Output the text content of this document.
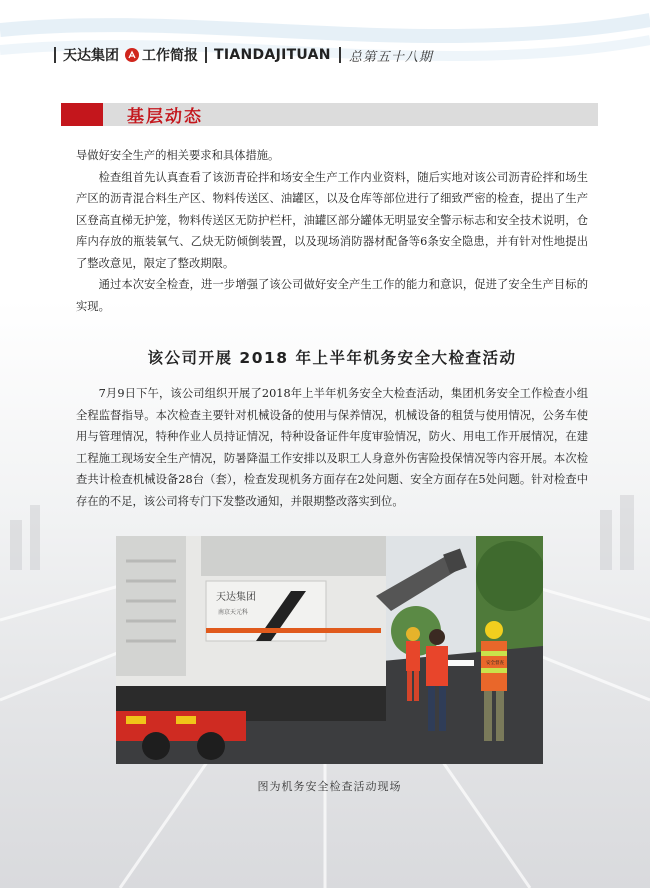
天达集团 工作简报 TIANDAJITUAN 总第五十八期
基层动态

导做好安全生产的相关要求和具体措施。

检查组首先认真查看了该沥青砼拌和场安全生产工作内业资料，随后实地对该公司沥青砼拌和场生产区的沥青混合料生产区、物料传送区、油罐区，以及仓库等部位进行了细致严密的检查，提出了生产区登高直梯无护笼，物料传送区无防护栏杆，油罐区部分罐体无明显安全警示标志和安全技术说明，仓库内存放的瓶装氧气、乙炔无防倾倒装置，以及现场消防器材配备等6条安全隐患，并有针对性地提出了整改意见，限定了整改期限。

通过本次安全检查，进一步增强了该公司做好安全产生工作的能力和意识，促进了安全生产目标的实现。

该公司开展 2018 年上半年机务安全大检查活动

7月9日下午，该公司组织开展了2018年上半年机务安全大检查活动，集团机务安全工作检查小组全程监督指导。本次检查主要针对机械设备的使用与保养情况，机械设备的租赁与使用情况，公务车使用与管理情况，特种作业人员持证情况，特种设备证件年度审验情况，防火、用电工作开展情况，在建工程施工现场安全生产情况，防暑降温工作安排以及职工人身意外伤害险投保情况等内容开展。本次检查共计检查机械设备28台（套），检查发现机务方面存在2处问题、安全方面存在5处问题。针对检查中存在的不足，该公司将专门下发整改通知，并限期整改落实到位。

天达集团
南京天元科
安全督查
图为机务安全检查活动现场
